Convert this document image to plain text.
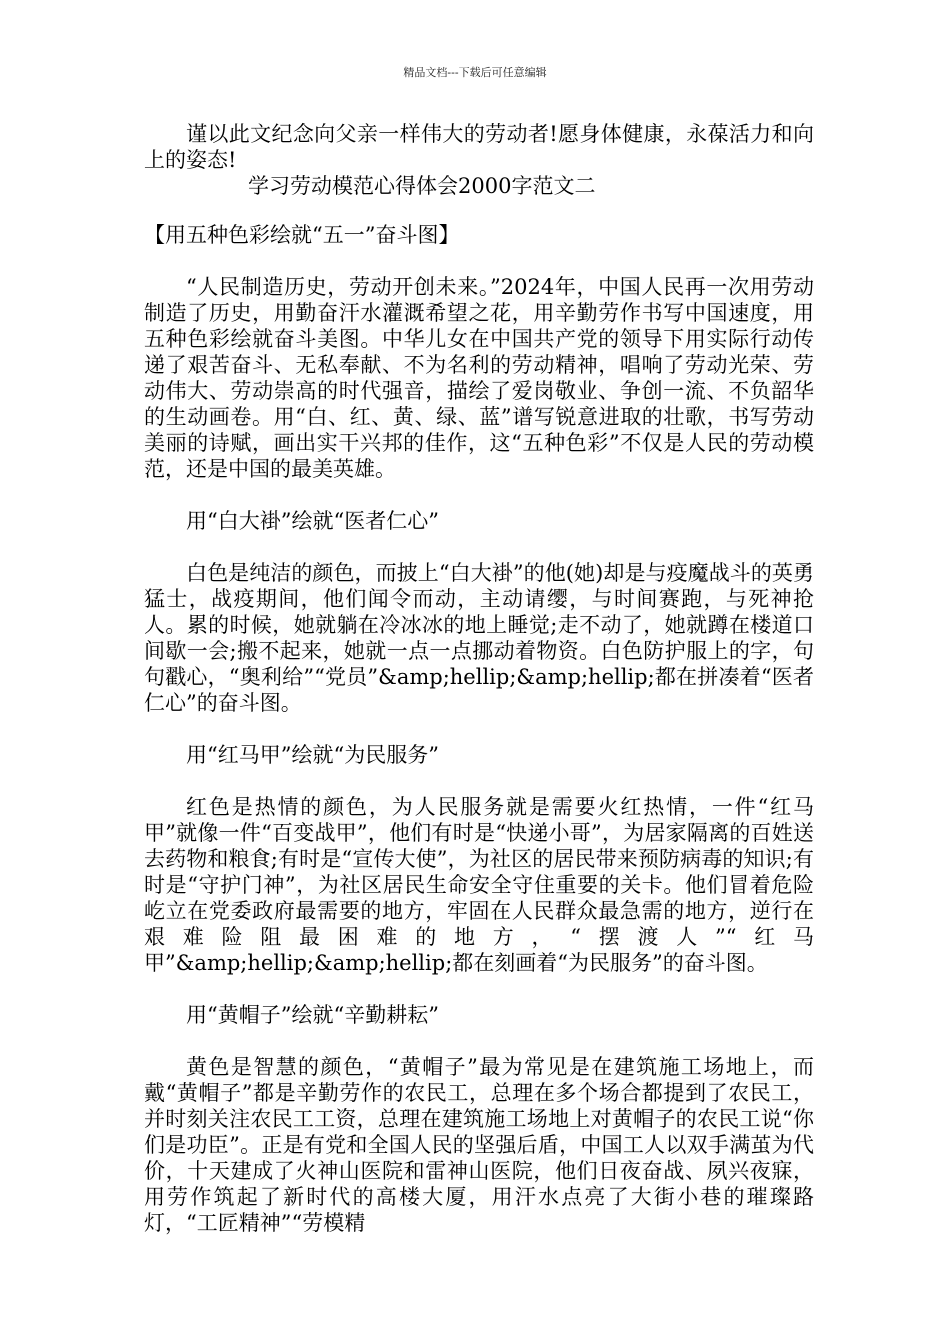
精品文档---下载后可任意编辑

谨以此文纪念向父亲一样伟大的劳动者!愿身体健康，永葆活力和向上的姿态!

学习劳动模范心得体会2000字范文二

【用五种色彩绘就“五一”奋斗图】

“人民制造历史，劳动开创未来。”2024年，中国人民再一次用劳动制造了历史，用勤奋汗水灌溉希望之花，用辛勤劳作书写中国速度，用五种色彩绘就奋斗美图。中华儿女在中国共产党的领导下用实际行动传递了艰苦奋斗、无私奉献、不为名利的劳动精神，唱响了劳动光荣、劳动伟大、劳动崇高的时代强音，描绘了爱岗敬业、争创一流、不负韶华的生动画卷。用“白、红、黄、绿、蓝”谱写锐意进取的壮歌，书写劳动美丽的诗赋，画出实干兴邦的佳作，这“五种色彩”不仅是人民的劳动模范，还是中国的最美英雄。

用“白大褂”绘就“医者仁心”

白色是纯洁的颜色，而披上“白大褂”的他(她)却是与疫魔战斗的英勇猛士，战疫期间，他们闻令而动，主动请缨，与时间赛跑，与死神抢人。累的时候，她就躺在冷冰冰的地上睡觉;走不动了，她就蹲在楼道口间歇一会;搬不起来，她就一点一点挪动着物资。白色防护服上的字，句句戳心，“奥利给”“党员”&amp;hellip;&amp;hellip;都在拼凑着“医者仁心”的奋斗图。

用“红马甲”绘就“为民服务”

红色是热情的颜色，为人民服务就是需要火红热情，一件“红马甲”就像一件“百变战甲”，他们有时是“快递小哥”，为居家隔离的百姓送去药物和粮食;有时是“宣传大使”，为社区的居民带来预防病毒的知识;有时是“守护门神”，为社区居民生命安全守住重要的关卡。他们冒着危险屹立在党委政府最需要的地方，牢固在人民群众最急需的地方，逆行在艰难险阻最困难的地方，“摆渡人”“红马甲”&amp;hellip;&amp;hellip;都在刻画着“为民服务”的奋斗图。

用“黄帽子”绘就“辛勤耕耘”

黄色是智慧的颜色，“黄帽子”最为常见是在建筑施工场地上，而戴“黄帽子”都是辛勤劳作的农民工，总理在多个场合都提到了农民工，并时刻关注农民工工资，总理在建筑施工场地上对黄帽子的农民工说“你们是功臣”。正是有党和全国人民的坚强后盾，中国工人以双手满茧为代价，十天建成了火神山医院和雷神山医院，他们日夜奋战、夙兴夜寐，用劳作筑起了新时代的高楼大厦，用汗水点亮了大街小巷的璀璨路灯，“工匠精神”“劳模精
